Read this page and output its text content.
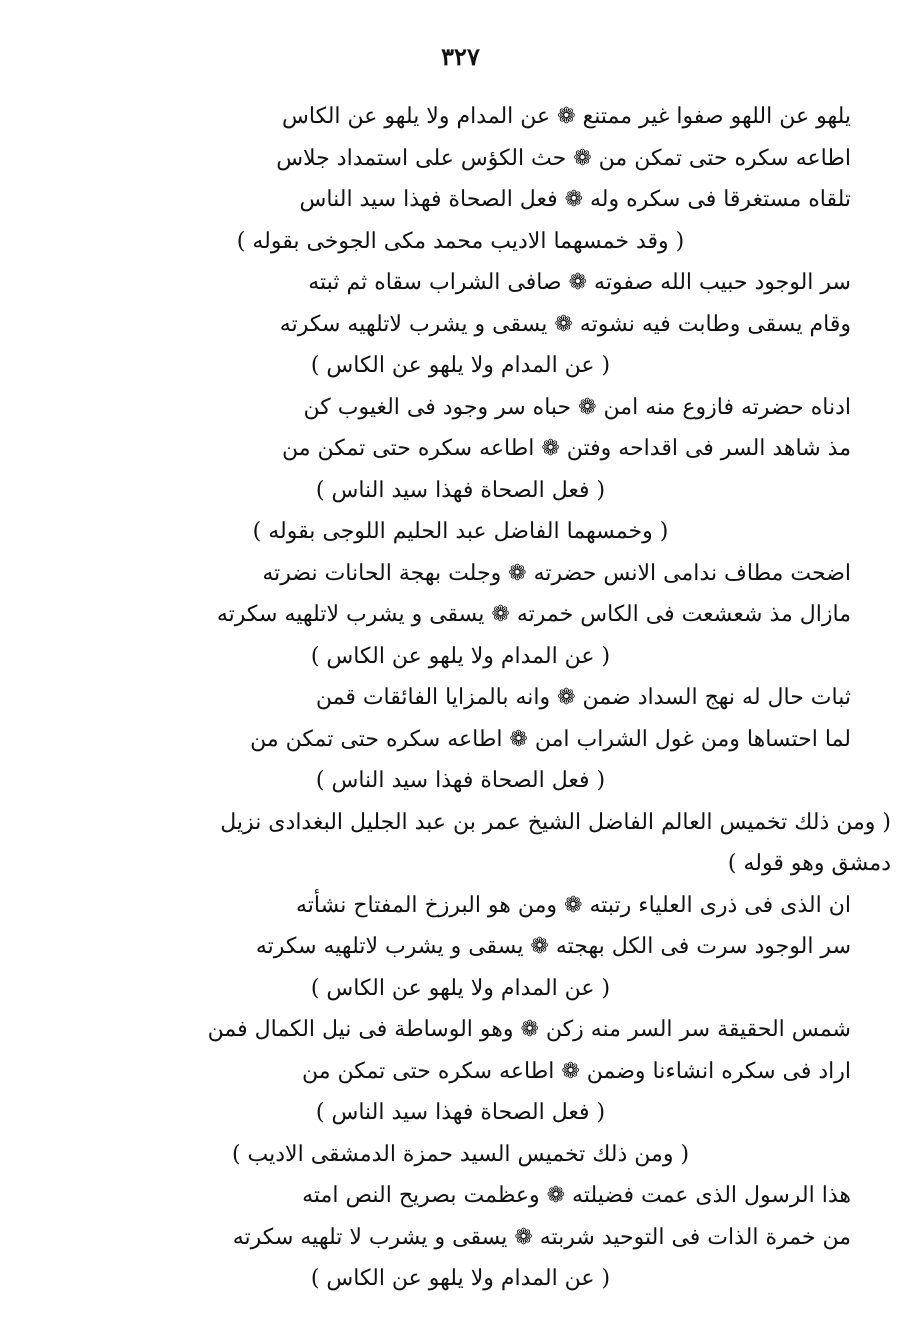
٣٢٧
يلهو عن اللهو صفوا غير ممتنع ❁ عن المدام ولا يلهو عن الكاس
اطاعه سكره حتى تمكن من ❁ حث الكؤس على استمداد جلاس
تلقاه مستغرقا فى سكره وله ❁ فعل الصحاة فهذا سيد الناس
( وقد خمسهما الاديب محمد مكى الجوخى بقوله )
سر الوجود حبيب الله صفوته ❁ صافى الشراب سقاه ثم ثبته
وقام يسقى وطابت فيه نشوته ❁ يسقى و يشرب لاتلهيه سكرته
( عن المدام ولا يلهو عن الكاس )
ادناه حضرته فازوع منه امن ❁ حباه سر وجود فى الغيوب كن
مذ شاهد السر فى اقداحه وفتن ❁ اطاعه سكره حتى تمكن من
( فعل الصحاة فهذا سيد الناس )
( وخمسهما الفاضل عبد الحليم اللوجى بقوله )
اضحت مطاف ندامى الانس حضرته ❁ وجلت بهجة الحانات نضرته
مازال مذ شعشعت فى الكاس خمرته ❁ يسقى و يشرب لاتلهيه سكرته
( عن المدام ولا يلهو عن الكاس )
ثبات حال له نهج السداد ضمن ❁ وانه بالمزايا الفائقات قمن
لما احتساها ومن غول الشراب امن ❁ اطاعه سكره حتى تمكن من
( فعل الصحاة فهذا سيد الناس )
( ومن ذلك تخميس العالم الفاضل الشيخ عمر بن عبد الجليل البغدادى نزيل
دمشق وهو قوله )
ان الذى فى ذرى العلياء رتبته ❁ ومن هو البرزخ المفتاح نشأته
سر الوجود سرت فى الكل بهجته ❁ يسقى و يشرب لاتلهيه سكرته
( عن المدام ولا يلهو عن الكاس )
شمس الحقيقة سر السر منه زكن ❁ وهو الوساطة فى نيل الكمال فمن
اراد فى سكره انشاءنا وضمن ❁ اطاعه سكره حتى تمكن من
( فعل الصحاة فهذا سيد الناس )
( ومن ذلك تخميس السيد حمزة الدمشقى الاديب )
هذا الرسول الذى عمت فضيلته ❁ وعظمت بصريح النص امته
من خمرة الذات فى التوحيد شربته ❁ يسقى و يشرب لا تلهيه سكرته
( عن المدام ولا يلهو عن الكاس )
